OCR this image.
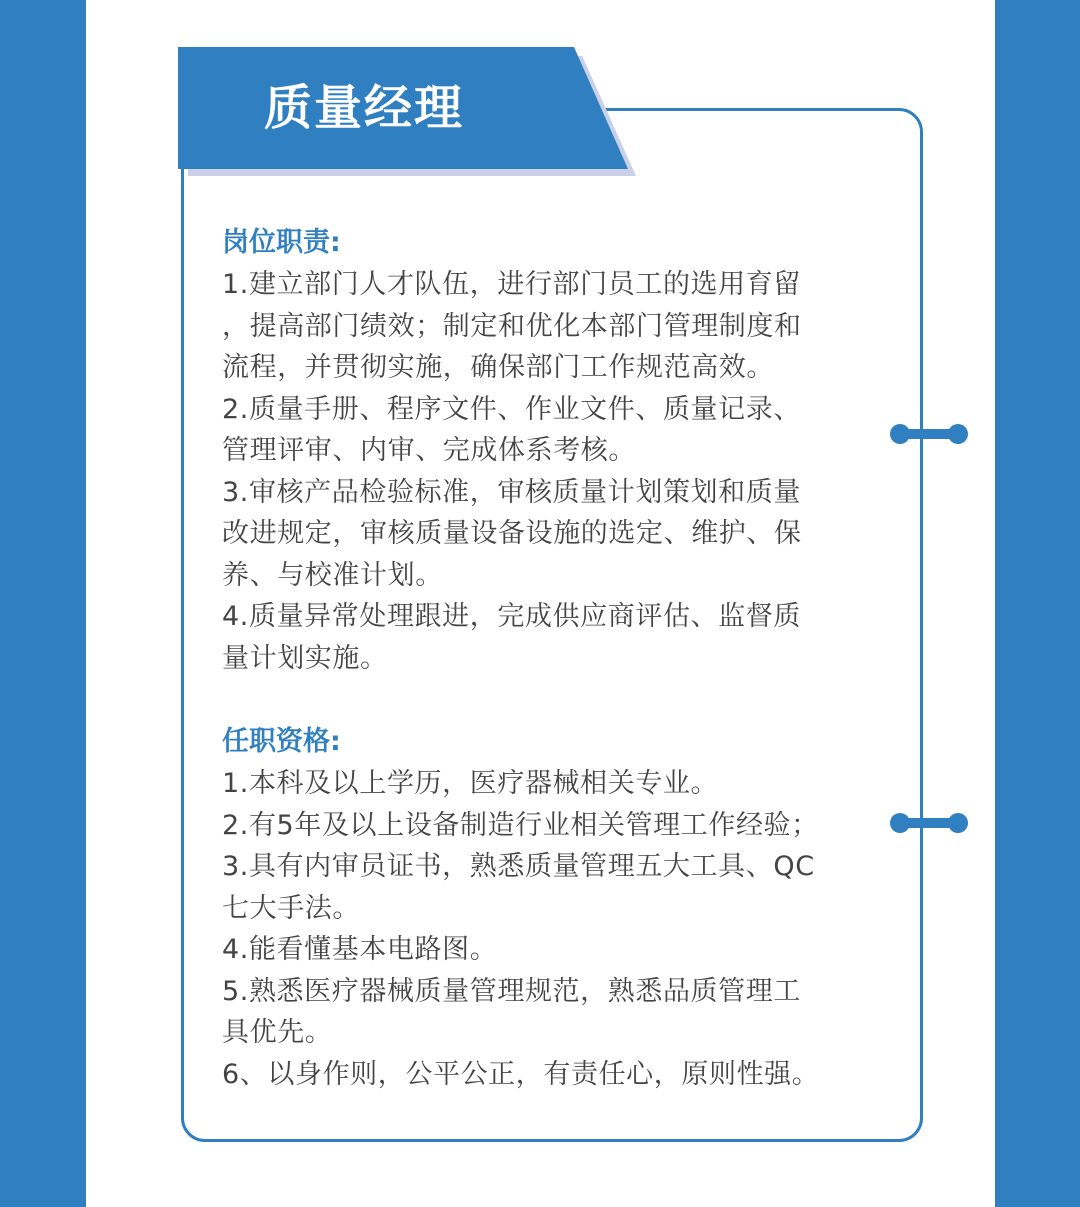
质量经理

岗位职责:

1.建立部门人才队伍，进行部门员工的选用育留

，提高部门绩效；制定和优化本部门管理制度和

流程，并贯彻实施，确保部门工作规范高效。

2.质量手册、程序文件、作业文件、质量记录、

管理评审、内审、完成体系考核。

3.审核产品检验标准，审核质量计划策划和质量

改进规定，审核质量设备设施的选定、维护、保

养、与校准计划。

4.质量异常处理跟进，完成供应商评估、监督质

量计划实施。

任职资格:

1.本科及以上学历，医疗器械相关专业。

2.有5年及以上设备制造行业相关管理工作经验；

3.具有内审员证书，熟悉质量管理五大工具、QC

七大手法。

4.能看懂基本电路图。

5.熟悉医疗器械质量管理规范，熟悉品质管理工

具优先。

6、以身作则，公平公正，有责任心，原则性强。
